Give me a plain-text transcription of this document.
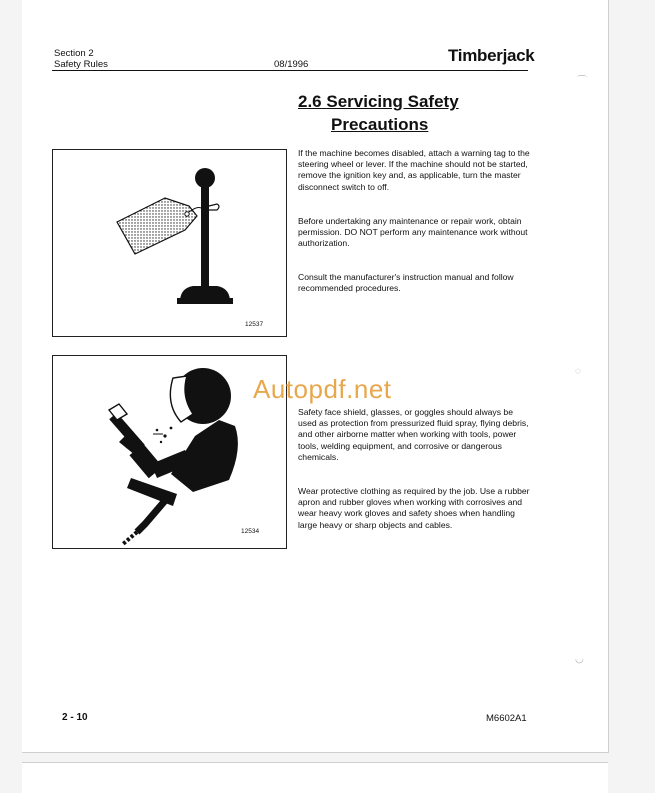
Section 2
Safety Rules	08/1996	Timberjack
2.6 Servicing Safety
Precautions

If the machine becomes disabled, attach a warning tag to the steering wheel or lever. If the machine should not be started, remove the ignition key and, as applicable, turn the master disconnect switch to off.

Before undertaking any maintenance or repair work, obtain permission. DO NOT perform any maintenance work without authorization.

Consult the manufacturer's instruction manual and follow recommended procedures.

Safety face shield, glasses, or goggles should always be used as protection from pressurized fluid spray, flying debris, and other airborne matter when working with tools, power tools, welding equipment, and corrosive or dangerous chemicals.

Wear protective clothing as required by the job. Use a rubber apron and rubber gloves when working with corrosives and wear heavy work gloves and safety shoes when handling large heavy or sharp objects and cables.

12537
12534
2 - 10	M6602A1
Autopdf.net
⌒
◌
◡
